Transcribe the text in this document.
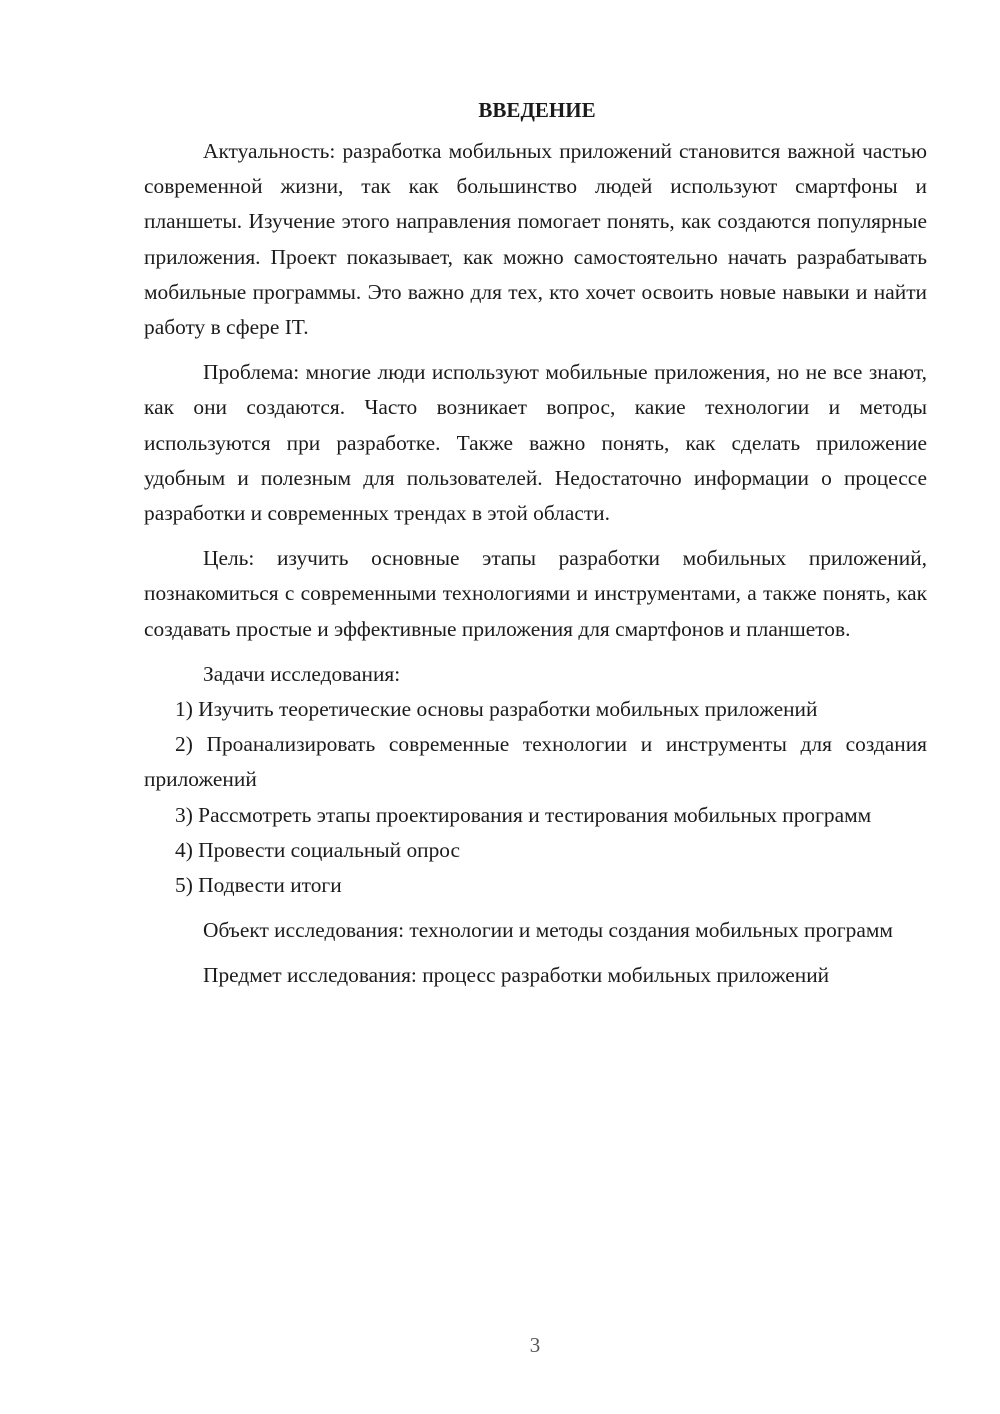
ВВЕДЕНИЕ

Актуальность: разработка мобильных приложений становится важной частью современной жизни, так как большинство людей используют смартфоны и планшеты. Изучение этого направления помогает понять, как создаются популярные приложения. Проект показывает, как можно самостоятельно начать разрабатывать мобильные программы. Это важно для тех, кто хочет освоить новые навыки и найти работу в сфере IT.

Проблема: многие люди используют мобильные приложения, но не все знают, как они создаются. Часто возникает вопрос, какие технологии и методы используются при разработке. Также важно понять, как сделать приложение удобным и полезным для пользователей. Недостаточно информации о процессе разработки и современных трендах в этой области.

Цель: изучить основные этапы разработки мобильных приложений, познакомиться с современными технологиями и инструментами, а также понять, как создавать простые и эффективные приложения для смартфонов и планшетов.

Задачи исследования:

1) Изучить теоретические основы разработки мобильных приложений

2) Проанализировать современные технологии и инструменты для создания приложений

3) Рассмотреть этапы проектирования и тестирования мобильных программ

4) Провести социальный опрос

5) Подвести итоги

Объект исследования: технологии и методы создания мобильных программ

Предмет исследования: процесс разработки мобильных приложений

3
